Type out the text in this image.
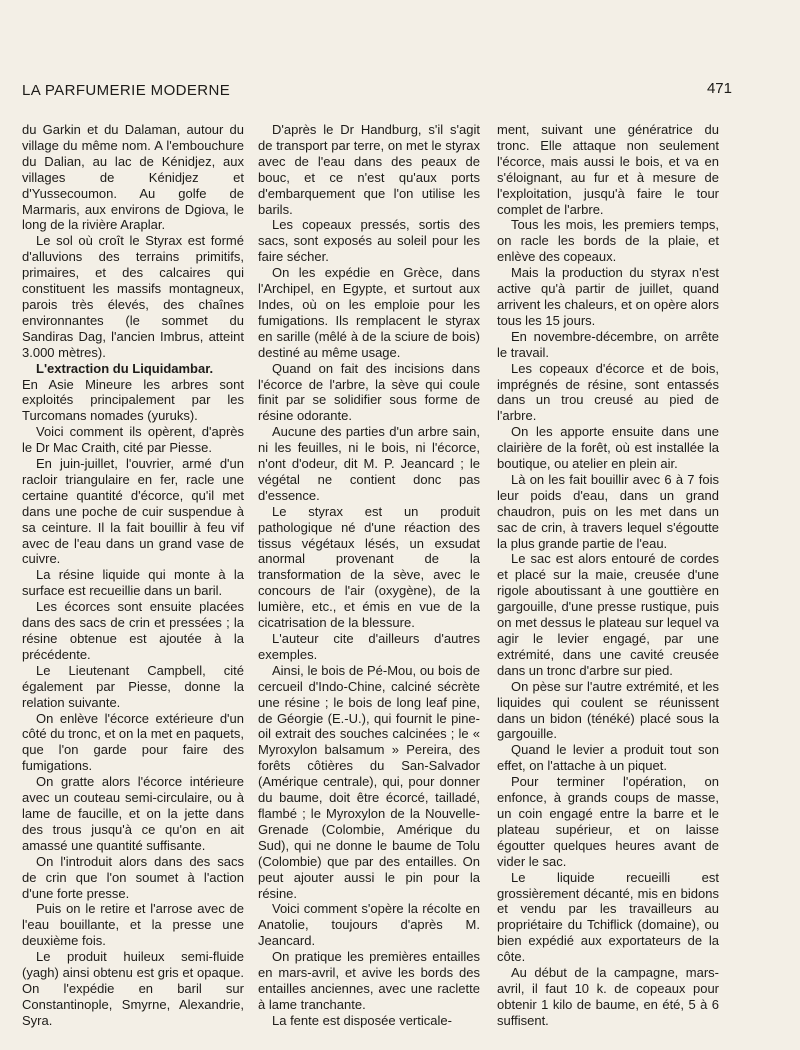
LA PARFUMERIE MODERNE	471

du Garkin et du Dalaman, autour du village du même nom. A l'embouchure du Dalian, au lac de Kénidjez, aux villages de Kénidjez et d'Yussecoumon. Au golfe de Marmaris, aux environs de Dgiova, le long de la rivière Araplar.

Le sol où croît le Styrax est formé d'alluvions des terrains primitifs, primaires, et des calcaires qui constituent les massifs montagneux, parois très élevés, des chaînes environnantes (le sommet du Sandiras Dag, l'ancien Imbrus, atteint 3.000 mètres).

L'extraction du Liquidambar.

En Asie Mineure les arbres sont exploités principalement par les Turcomans nomades (yuruks).

Voici comment ils opèrent, d'après le Dr Mac Craith, cité par Piesse.

En juin-juillet, l'ouvrier, armé d'un racloir triangulaire en fer, racle une certaine quantité d'écorce, qu'il met dans une poche de cuir suspendue à sa ceinture. Il la fait bouillir à feu vif avec de l'eau dans un grand vase de cuivre.

La résine liquide qui monte à la surface est recueillie dans un baril.

Les écorces sont ensuite placées dans des sacs de crin et pressées ; la résine obtenue est ajoutée à la précédente.

Le Lieutenant Campbell, cité également par Piesse, donne la relation suivante.

On enlève l'écorce extérieure d'un côté du tronc, et on la met en paquets, que l'on garde pour faire des fumigations.

On gratte alors l'écorce intérieure avec un couteau semi-circulaire, ou à lame de faucille, et on la jette dans des trous jusqu'à ce qu'on en ait amassé une quantité suffisante.

On l'introduit alors dans des sacs de crin que l'on soumet à l'action d'une forte presse.

Puis on le retire et l'arrose avec de l'eau bouillante, et la presse une deuxième fois.

Le produit huileux semi-fluide (yagh) ainsi obtenu est gris et opaque. On l'expédie en baril sur Constantinople, Smyrne, Alexandrie, Syra.

D'après le Dr Handburg, s'il s'agit de transport par terre, on met le styrax avec de l'eau dans des peaux de bouc, et ce n'est qu'aux ports d'embarquement que l'on utilise les barils.

Les copeaux pressés, sortis des sacs, sont exposés au soleil pour les faire sécher.

On les expédie en Grèce, dans l'Archipel, en Egypte, et surtout aux Indes, où on les emploie pour les fumigations. Ils remplacent le styrax en sarille (mêlé à de la sciure de bois) destiné au même usage.

Quand on fait des incisions dans l'écorce de l'arbre, la sève qui coule finit par se solidifier sous forme de résine odorante.

Aucune des parties d'un arbre sain, ni les feuilles, ni le bois, ni l'écorce, n'ont d'odeur, dit M. P. Jeancard ; le végétal ne contient donc pas d'essence.

Le styrax est un produit pathologique né d'une réaction des tissus végétaux lésés, un exsudat anormal provenant de la transformation de la sève, avec le concours de l'air (oxygène), de la lumière, etc., et émis en vue de la cicatrisation de la blessure.

L'auteur cite d'ailleurs d'autres exemples.

Ainsi, le bois de Pé-Mou, ou bois de cercueil d'Indo-Chine, calciné sécrète une résine ; le bois de long leaf pine, de Géorgie (E.-U.), qui fournit le pine-oil extrait des souches calcinées ; le « Myroxylon balsamum » Pereira, des forêts côtières du San-Salvador (Amérique centrale), qui, pour donner du baume, doit être écorcé, tailladé, flambé ; le Myroxylon de la Nouvelle-Grenade (Colombie, Amérique du Sud), qui ne donne le baume de Tolu (Colombie) que par des entailles. On peut ajouter aussi le pin pour la résine.

Voici comment s'opère la récolte en Anatolie, toujours d'après M. Jeancard.

On pratique les premières entailles en mars-avril, et avive les bords des entailles anciennes, avec une raclette à lame tranchante.

La fente est disposée verticale-

ment, suivant une génératrice du tronc. Elle attaque non seulement l'écorce, mais aussi le bois, et va en s'éloignant, au fur et à mesure de l'exploitation, jusqu'à faire le tour complet de l'arbre.

Tous les mois, les premiers temps, on racle les bords de la plaie, et enlève des copeaux.

Mais la production du styrax n'est active qu'à partir de juillet, quand arrivent les chaleurs, et on opère alors tous les 15 jours.

En novembre-décembre, on arrête le travail.

Les copeaux d'écorce et de bois, imprégnés de résine, sont entassés dans un trou creusé au pied de l'arbre.

On les apporte ensuite dans une clairière de la forêt, où est installée la boutique, ou atelier en plein air.

Là on les fait bouillir avec 6 à 7 fois leur poids d'eau, dans un grand chaudron, puis on les met dans un sac de crin, à travers lequel s'égoutte la plus grande partie de l'eau.

Le sac est alors entouré de cordes et placé sur la maie, creusée d'une rigole aboutissant à une gouttière en gargouille, d'une presse rustique, puis on met dessus le plateau sur lequel va agir le levier engagé, par une extrémité, dans une cavité creusée dans un tronc d'arbre sur pied.

On pèse sur l'autre extrémité, et les liquides qui coulent se réunissent dans un bidon (ténéké) placé sous la gargouille.

Quand le levier a produit tout son effet, on l'attache à un piquet.

Pour terminer l'opération, on enfonce, à grands coups de masse, un coin engagé entre la barre et le plateau supérieur, et on laisse égoutter quelques heures avant de vider le sac.

Le liquide recueilli est grossièrement décanté, mis en bidons et vendu par les travailleurs au propriétaire du Tchiflick (domaine), ou bien expédié aux exportateurs de la côte.

Au début de la campagne, mars-avril, il faut 10 k. de copeaux pour obtenir 1 kilo de baume, en été, 5 à 6 suffisent.
